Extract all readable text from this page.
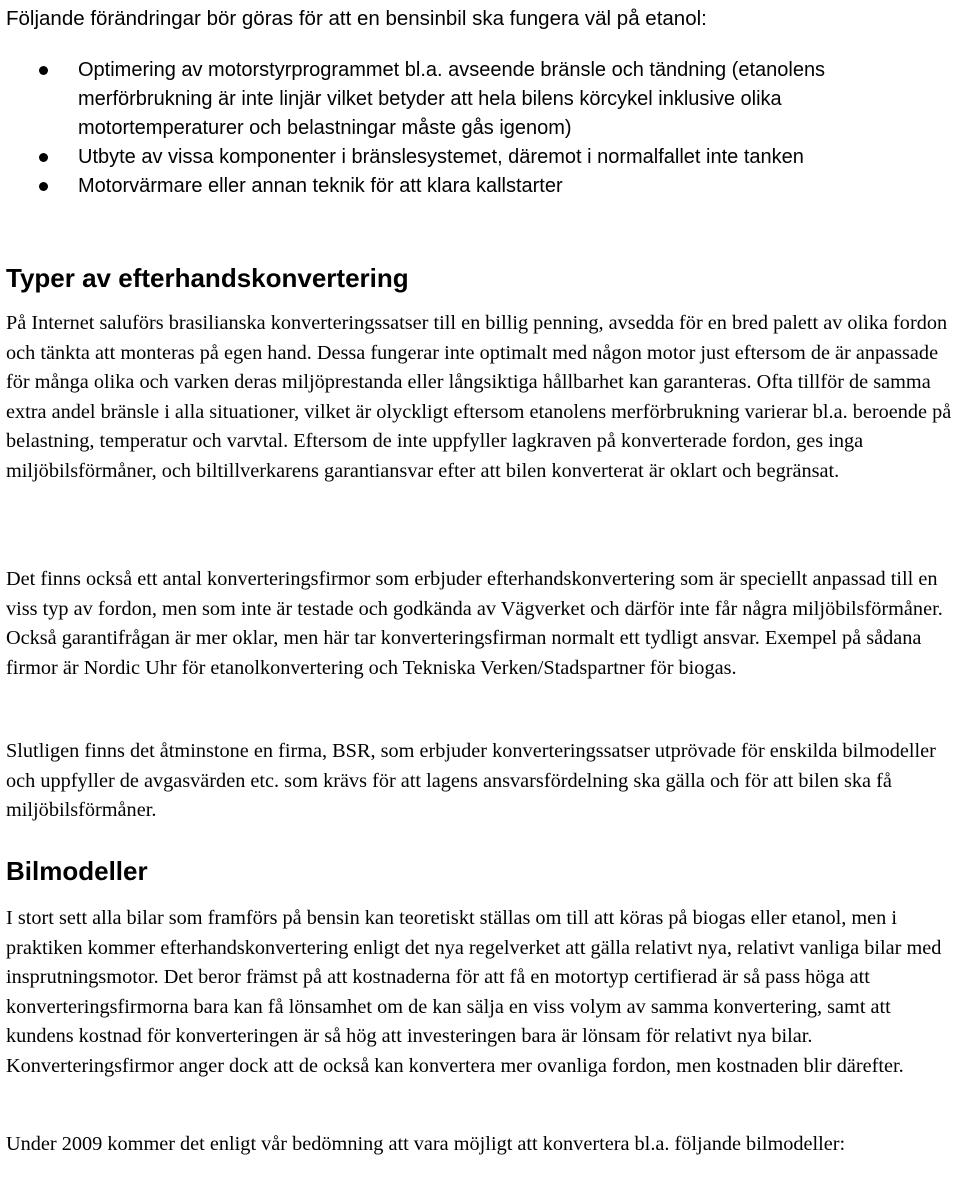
Följande förändringar bör göras för att en bensinbil ska fungera väl på etanol:

Optimering av motorstyrprogrammet bl.a. avseende bränsle och tändning (etanolens merförbrukning är inte linjär vilket betyder att hela bilens körcykel inklusive olika motortemperaturer och belastningar måste gås igenom)
Utbyte av vissa komponenter i bränslesystemet, däremot i normalfallet inte tanken
Motorvärmare eller annan teknik för att klara kallstarter
Typer av efterhandskonvertering

På Internet saluförs brasilianska konverteringssatser till en billig penning, avsedda för en bred palett av olika fordon och tänkta att monteras på egen hand. Dessa fungerar inte optimalt med någon motor just eftersom de är anpassade för många olika och varken deras miljöprestanda eller långsiktiga hållbarhet kan garanteras. Ofta tillför de samma extra andel bränsle i alla situationer, vilket är olyckligt eftersom etanolens merförbrukning varierar bl.a. beroende på belastning, temperatur och varvtal. Eftersom de inte uppfyller lagkraven på konverterade fordon, ges inga miljöbilsförmåner, och biltillverkarens garantiansvar efter att bilen konverterat är oklart och begränsat.

Det finns också ett antal konverteringsfirmor som erbjuder efterhandskonvertering som är speciellt anpassad till en viss typ av fordon, men som inte är testade och godkända av Vägverket och därför inte får några miljöbilsförmåner. Också garantifrågan är mer oklar, men här tar konverteringsfirman normalt ett tydligt ansvar. Exempel på sådana firmor är Nordic Uhr för etanolkonvertering och Tekniska Verken/Stadspartner för biogas.

Slutligen finns det åtminstone en firma, BSR, som erbjuder konverteringssatser utprövade för enskilda bilmodeller och uppfyller de avgasvärden etc. som krävs för att lagens ansvarsfördelning ska gälla och för att bilen ska få miljöbilsförmåner.

Bilmodeller

I stort sett alla bilar som framförs på bensin kan teoretiskt ställas om till att köras på biogas eller etanol, men i praktiken kommer efterhandskonvertering enligt det nya regelverket att gälla relativt nya, relativt vanliga bilar med insprutningsmotor. Det beror främst på att kostnaderna för att få en motortyp certifierad är så pass höga att konverteringsfirmorna bara kan få lönsamhet om de kan sälja en viss volym av samma konvertering, samt att kundens kostnad för konverteringen är så hög att investeringen bara är lönsam för relativt nya bilar. Konverteringsfirmor anger dock att de också kan konvertera mer ovanliga fordon, men kostnaden blir därefter.

Under 2009 kommer det enligt vår bedömning att vara möjligt att konvertera bl.a. följande bilmodeller:
